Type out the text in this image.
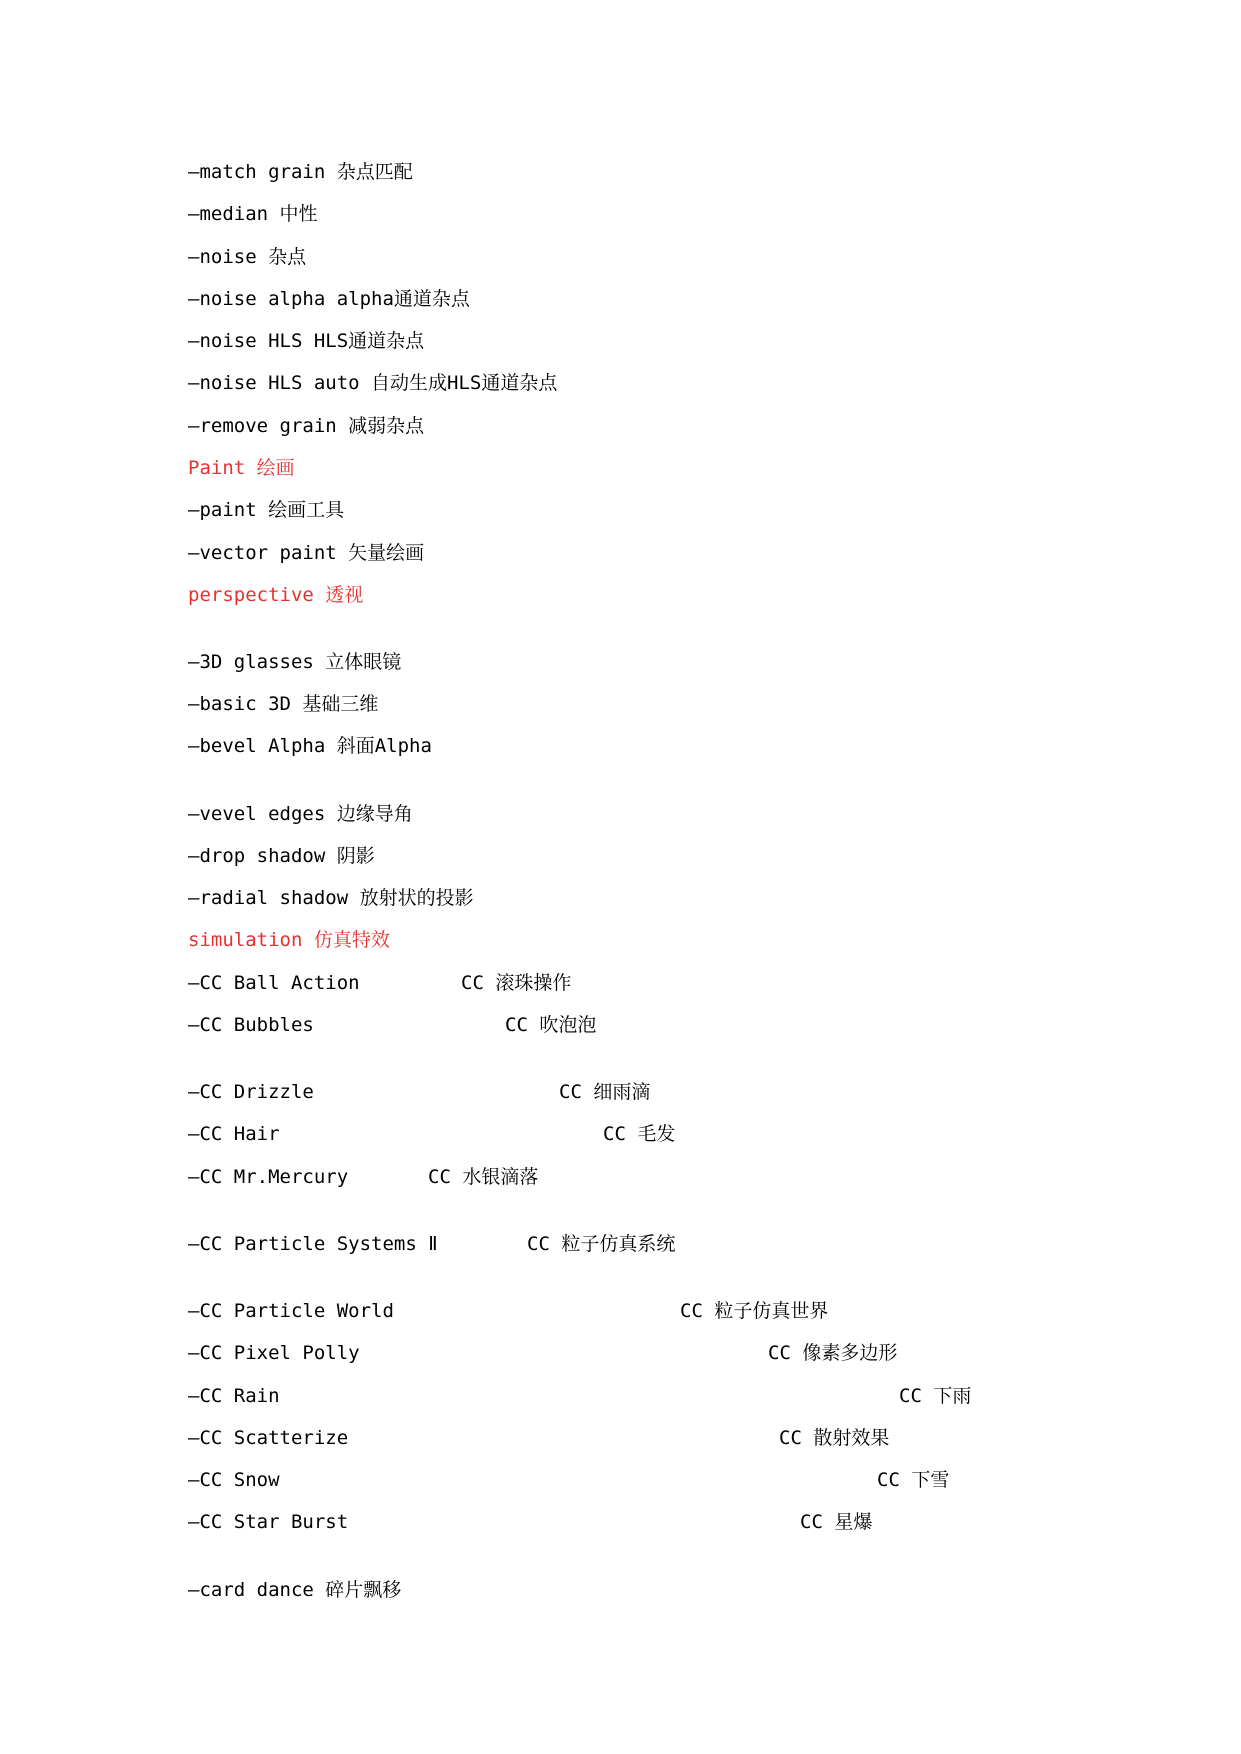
—match grain 杂点匹配
—median 中性
—noise 杂点
—noise alpha alpha通道杂点
—noise HLS HLS通道杂点
—noise HLS auto 自动生成HLS通道杂点
—remove grain 减弱杂点
Paint 绘画
—paint 绘画工具
—vector paint 矢量绘画
perspective 透视
—3D glasses 立体眼镜
—basic 3D 基础三维
—bevel Alpha 斜面Alpha
—vevel edges 边缘导角
—drop shadow 阴影
—radial shadow 放射状的投影
simulation 仿真特效
—CC Ball Action	CC 滚珠操作
—CC Bubbles	CC 吹泡泡
—CC Drizzle	CC 细雨滴
—CC Hair	CC 毛发
—CC Mr.Mercury	CC 水银滴落
—CC Particle Systems Ⅱ	CC 粒子仿真系统
—CC Particle World	CC 粒子仿真世界
—CC Pixel Polly	CC 像素多边形
—CC Rain	CC 下雨
—CC Scatterize	CC 散射效果
—CC Snow	CC 下雪
—CC Star Burst	CC 星爆
—card dance 碎片飘移
